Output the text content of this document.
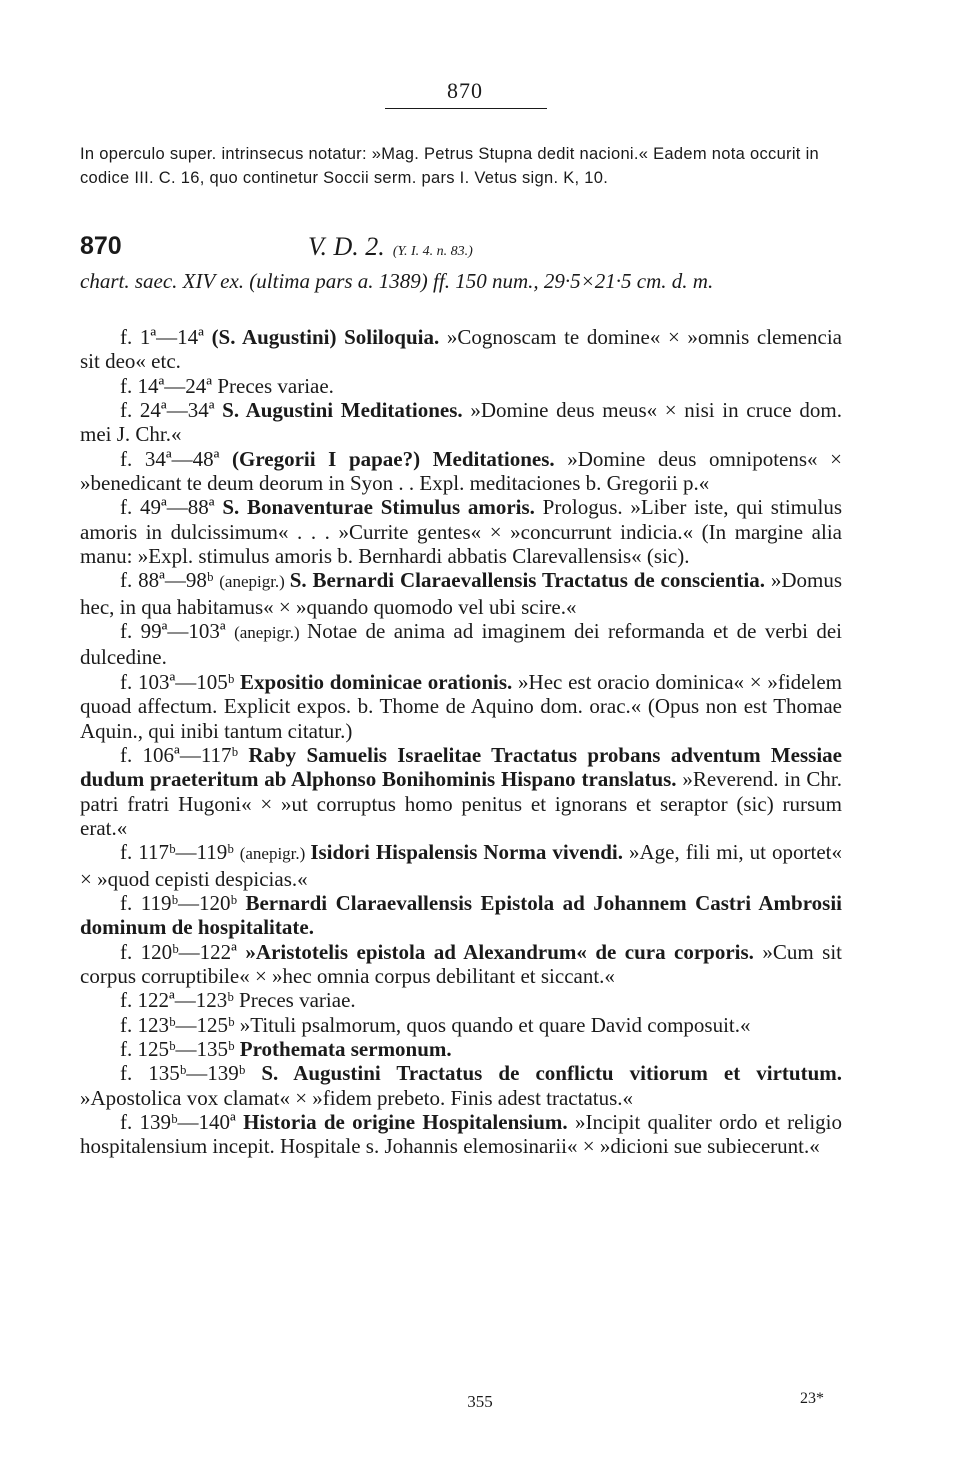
870
In operculo super. intrinsecus notatur: »Mag. Petrus Stupna dedit nacioni.« Eadem nota occurit in codice III. C. 16, quo continetur Soccii serm. pars I. Vetus sign. K, 10.
870	V. D. 2. (Y. I. 4. n. 83.)
chart. saec. XIV ex. (ultima pars a. 1389) ff. 150 num., 29·5×21·5 cm. d. m.
f. 1ª—14ª (S. Augustini) Soliloquia. »Cognoscam te domine« × »omnis clemencia sit deo« etc.
f. 14ª—24ª Preces variae.
f. 24ª—34ª S. Augustini Meditationes. »Domine deus meus« × nisi in cruce dom. mei J. Chr.«
f. 34ª—48ª (Gregorii I papae?) Meditationes. »Domine deus omnipotens« × »benedicant te deum deorum in Syon . . Expl. meditaciones b. Gregorii p.«
f. 49ª—88ª S. Bonaventurae Stimulus amoris. Prologus. »Liber iste, qui stimulus amoris in dulcissimum« . . . »Currite gentes« × »concurrunt indicia.« (In margine alia manu: »Expl. stimulus amoris b. Bernhardi abbatis Clarevallensis« (sic).
f. 88ª—98ᵇ (anepigr.) S. Bernardi Claraevallensis Tractatus de conscientia. »Domus hec, in qua habitamus« × »quando quomodo vel ubi scire.«
f. 99ª—103ª (anepigr.) Notae de anima ad imaginem dei reformanda et de verbi dei dulcedine.
f. 103ª—105ᵇ Expositio dominicae orationis. »Hec est oracio dominica« × »fidelem quoad affectum. Explicit expos. b. Thome de Aquino dom. orac.« (Opus non est Thomae Aquin., qui inibi tantum citatur.)
f. 106ª—117ᵇ Raby Samuelis Israelitae Tractatus probans adventum Messiae dudum praeteritum ab Alphonso Bonihominis Hispano translatus. »Reverend. in Chr. patri fratri Hugoni« × »ut corruptus homo penitus et ignorans et seraptor (sic) rursum erat.«
f. 117ᵇ—119ᵇ (anepigr.) Isidori Hispalensis Norma vivendi. »Age, fili mi, ut oportet« × »quod cepisti despicias.«
f. 119ᵇ—120ᵇ Bernardi Claraevallensis Epistola ad Johannem Castri Ambrosii dominum de hospitalitate.
f. 120ᵇ—122ª »Aristotelis epistola ad Alexandrum« de cura corporis. »Cum sit corpus corruptibile« × »hec omnia corpus debilitant et siccant.«
f. 122ª—123ᵇ Preces variae.
f. 123ᵇ—125ᵇ »Tituli psalmorum, quos quando et quare David composuit.«
f. 125ᵇ—135ᵇ Prothemata sermonum.
f. 135ᵇ—139ᵇ S. Augustini Tractatus de conflictu vitiorum et virtutum. »Apostolica vox clamat« × »fidem prebeto. Finis adest tractatus.«
f. 139ᵇ—140ª Historia de origine Hospitalensium. »Incipit qualiter ordo et religio hospitalensium incepit. Hospitale s. Johannis elemosinarii« × »dicioni sue subiecerunt.«
355	23*
